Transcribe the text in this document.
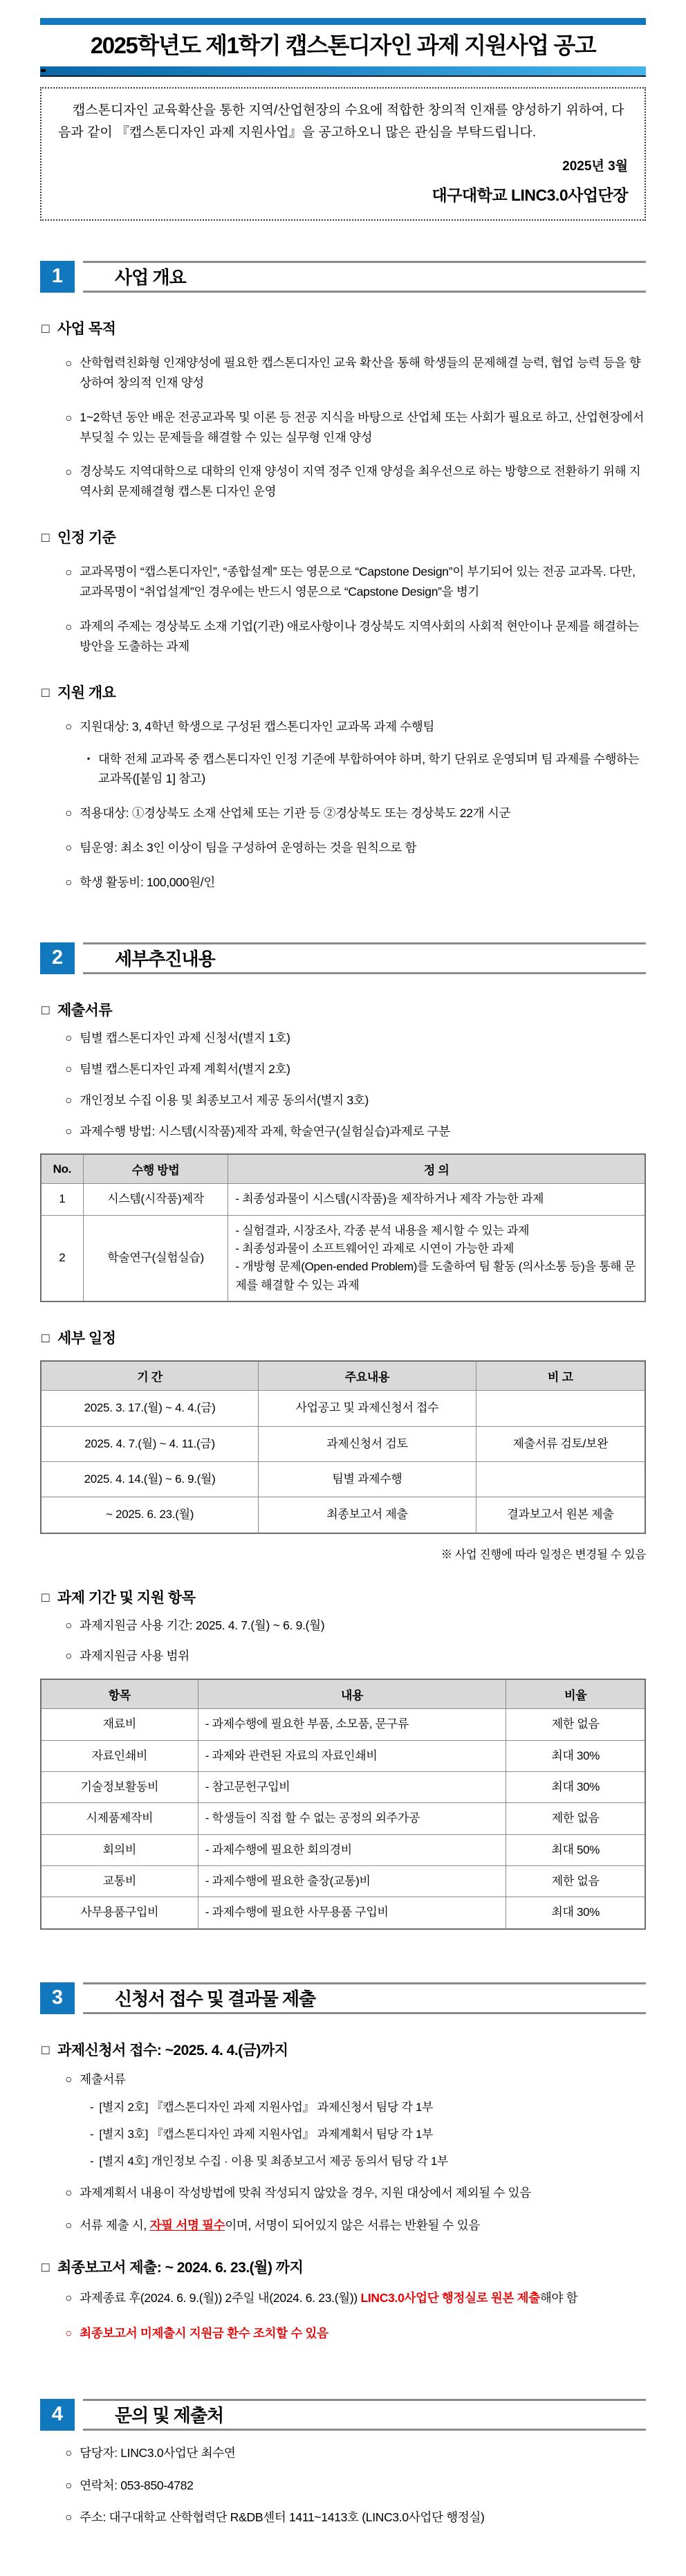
2025학년도 제1학기 캡스톤디자인 과제 지원사업 공고

캡스톤디자인 교육확산을 통한 지역/산업현장의 수요에 적합한 창의적 인재를 양성하기 위하여, 다음과 같이 『캡스톤디자인 과제 지원사업』을 공고하오니 많은 관심을 부탁드립니다.

2025년 3월
대구대학교 LINC3.0사업단장
1	사업 개요
□ 사업 목적
○ 산학협력친화형 인재양성에 필요한 캡스톤디자인 교육 확산을 통해 학생들의 문제해결 능력, 협업 능력 등을 향상하여 창의적 인재 양성
○ 1~2학년 동안 배운 전공교과목 및 이론 등 전공 지식을 바탕으로 산업체 또는 사회가 필요로 하고, 산업현장에서 부딪칠 수 있는 문제들을 해결할 수 있는 실무형 인재 양성
○ 경상북도 지역대학으로 대학의 인재 양성이 지역 정주 인재 양성을 최우선으로 하는 방향으로 전환하기 위해 지역사회 문제해결형 캡스톤 디자인 운영
□ 인정 기준
○ 교과목명이 “캡스톤디자인”, “종합설계” 또는 영문으로 “Capstone Design”이 부기되어 있는 전공 교과목. 다만, 교과목명이 “취업설계”인 경우에는 반드시 영문으로 “Capstone Design”을 병기
○ 과제의 주제는 경상북도 소재 기업(기관) 애로사항이나 경상북도 지역사회의 사회적 현안이나 문제를 해결하는 방안을 도출하는 과제
□ 지원 개요
○ 지원대상: 3, 4학년 학생으로 구성된 캡스톤디자인 교과목 과제 수행팀
▪ 대학 전체 교과목 중 캡스톤디자인 인정 기준에 부합하여야 하며, 학기 단위로 운영되며 팀 과제를 수행하는 교과목([붙임 1] 참고)
○ 적용대상: ①경상북도 소재 산업체 또는 기관 등 ②경상북도 또는 경상북도 22개 시군
○ 팀운영: 최소 3인 이상이 팀을 구성하여 운영하는 것을 원칙으로 함
○ 학생 활동비: 100,000원/인
2	세부추진내용
□ 제출서류
○ 팀별 캡스톤디자인 과제 신청서(별지 1호)
○ 팀별 캡스톤디자인 과제 계획서(별지 2호)
○ 개인정보 수집 이용 및 최종보고서 제공 동의서(별지 3호)
○ 과제수행 방법: 시스템(시작품)제작 과제, 학술연구(실험실습)과제로 구분
No.	수행 방법	정 의
1	시스템(시작품)제작	- 최종성과물이 시스템(시작품)을 제작하거나 제작 가능한 과제

2	학술연구(실험실습)	- 실험결과, 시장조사, 각종 분석 내용을 제시할 수 있는 과제
- 최종성과물이 소프트웨어인 과제로 시연이 가능한 과제
- 개방형 문제(Open-ended Problem)를 도출하여 팀 활동 (의사소통 등)을 통해 문제를 해결할 수 있는 과제
□ 세부 일정
기 간	주요내용	비 고
2025. 3. 17.(월) ~ 4. 4.(금)	사업공고 및 과제신청서 접수	
2025. 4. 7.(월) ~ 4. 11.(금)	과제신청서 검토	제출서류 검토/보완
2025. 4. 14.(월) ~ 6. 9.(월)	팀별 과제수행	
~ 2025. 6. 23.(월)	최종보고서 제출	결과보고서 원본 제출
※ 사업 진행에 따라 일정은 변경될 수 있음
□ 과제 기간 및 지원 항목
○ 과제지원금 사용 기간: 2025. 4. 7.(월) ~ 6. 9.(월)
○ 과제지원금 사용 범위
항목	내용	비율
재료비	- 과제수행에 필요한 부품, 소모품, 문구류	제한 없음
자료인쇄비	- 과제와 관련된 자료의 자료인쇄비	최대 30%
기술정보활동비	- 참고문헌구입비	최대 30%
시제품제작비	- 학생들이 직접 할 수 없는 공정의 외주가공	제한 없음
회의비	- 과제수행에 필요한 회의경비	최대 50%
교통비	- 과제수행에 필요한 출장(교통)비	제한 없음
사무용품구입비	- 과제수행에 필요한 사무용품 구입비	최대 30%
3	신청서 접수 및 결과물 제출
□ 과제신청서 접수: ~2025. 4. 4.(금)까지
○ 제출서류
- [별지 2호] 『캡스톤디자인 과제 지원사업』 과제신청서 팀당 각 1부
- [별지 3호] 『캡스톤디자인 과제 지원사업』 과제계획서 팀당 각 1부
- [별지 4호] 개인정보 수집 · 이용 및 최종보고서 제공 동의서 팀당 각 1부
○ 과제계획서 내용이 작성방법에 맞춰 작성되지 않았을 경우, 지원 대상에서 제외될 수 있음
○ 서류 제출 시, 자필 서명 필수이며, 서명이 되어있지 않은 서류는 반환될 수 있음
□ 최종보고서 제출: ~ 2024. 6. 23.(월) 까지
○ 과제종료 후(2024. 6. 9.(월)) 2주일 내(2024. 6. 23.(월)) LINC3.0사업단 행정실로 원본 제출해야 함
○ 최종보고서 미제출시 지원금 환수 조치할 수 있음
4	문의 및 제출처
○ 담당자: LINC3.0사업단 최수연
○ 연락처: 053-850-4782
○ 주소: 대구대학교 산학협력단 R&DB센터 1411~1413호 (LINC3.0사업단 행정실)
